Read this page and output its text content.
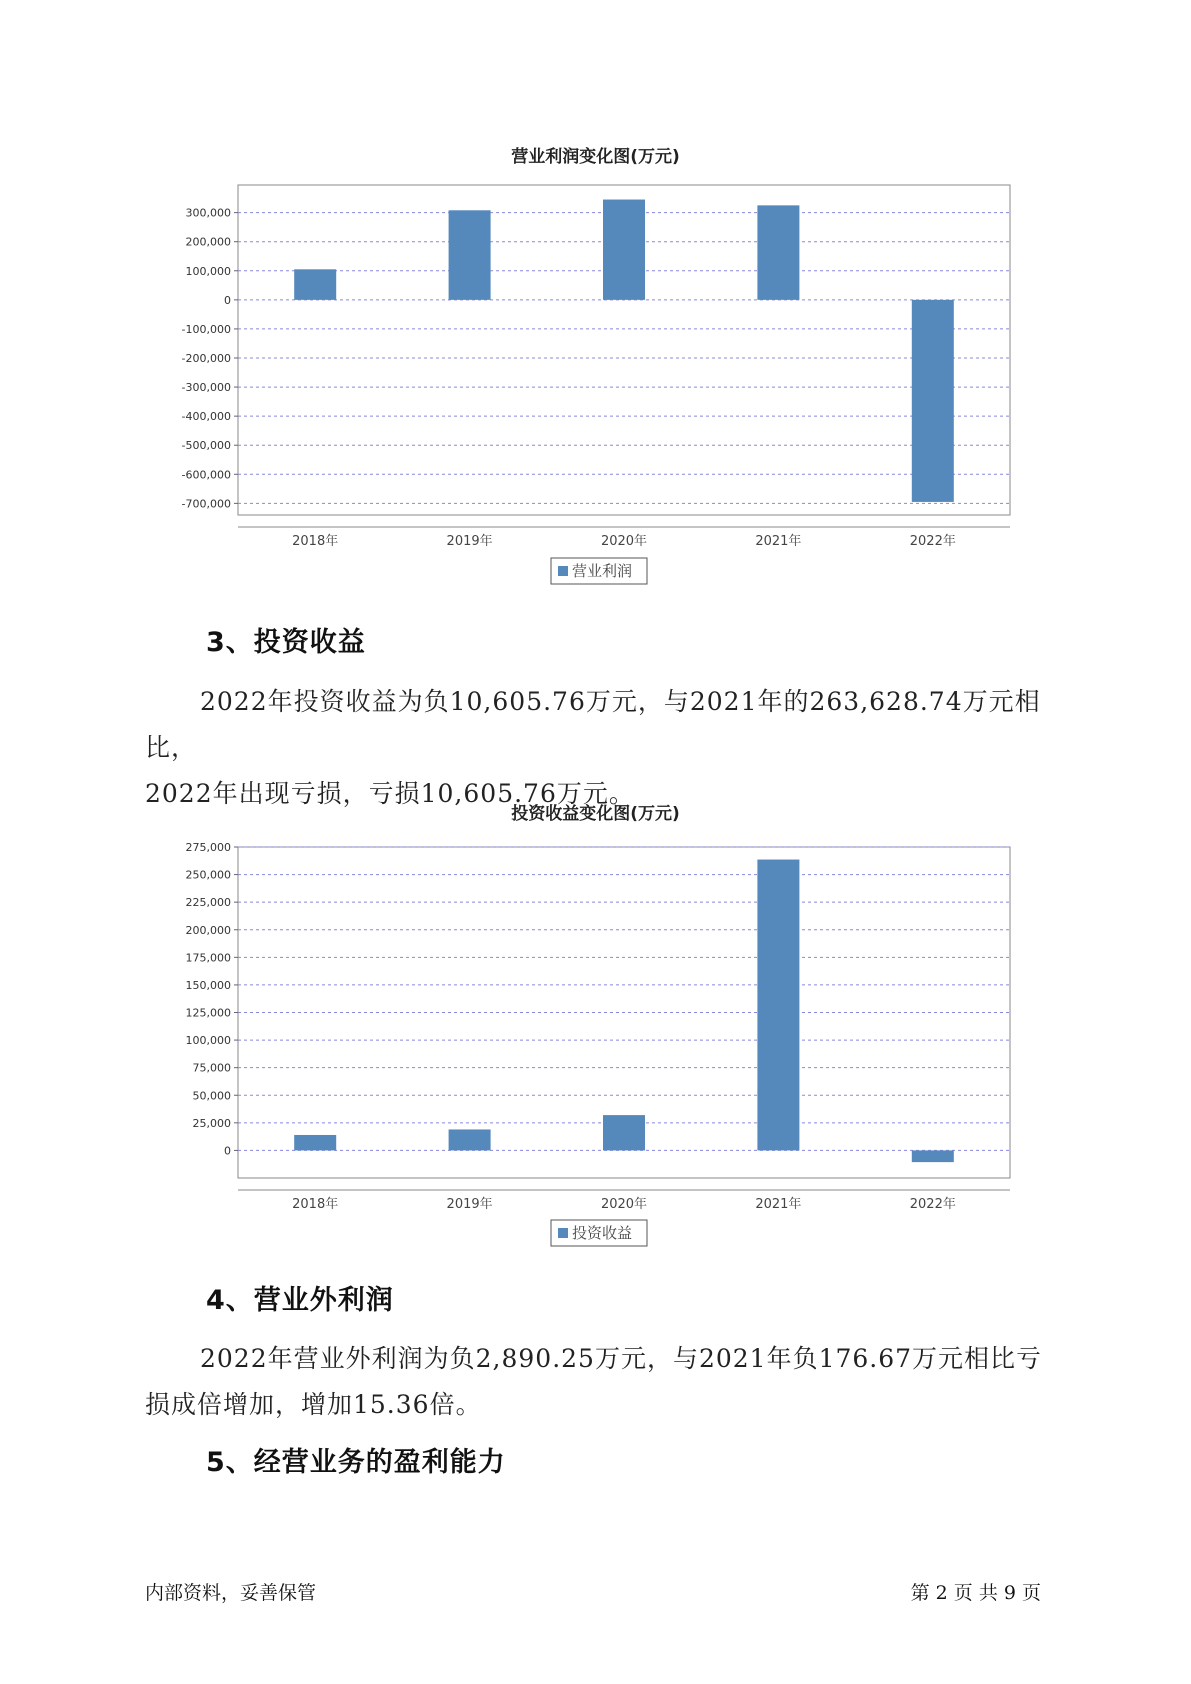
营业利润变化图(万元)
300,000
200,000
100,000
0
-100,000
-200,000
-300,000
-400,000
-500,000
-600,000
-700,000
2018年	2019年	2020年	2021年	2022年
营业利润
3、投资收益
2022年投资收益为负10,605.76万元，与2021年的263,628.74万元相比，
2022年出现亏损，亏损10,605.76万元。
投资收益变化图(万元)
275,000
250,000
225,000
200,000
175,000
150,000
125,000
100,000
75,000
50,000
25,000
0
2018年	2019年	2020年	2021年	2022年
投资收益
4、营业外利润
2022年营业外利润为负2,890.25万元，与2021年负176.67万元相比亏
损成倍增加，增加15.36倍。
5、经营业务的盈利能力
内部资料，妥善保管	第 2 页 共 9 页
